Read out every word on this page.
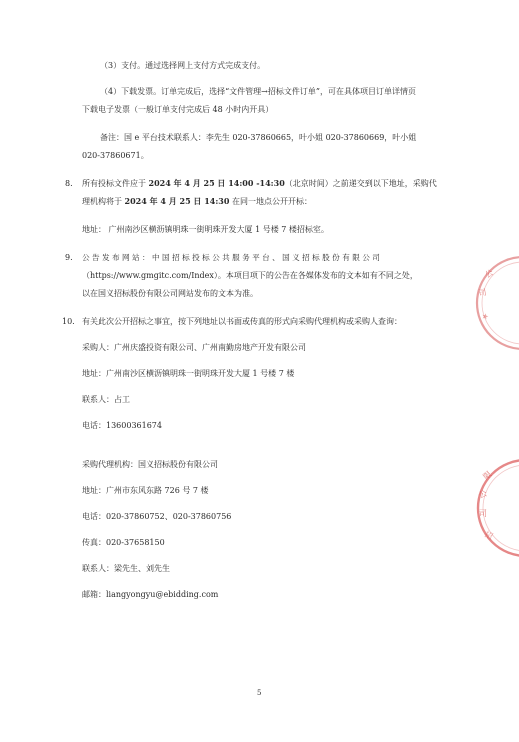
（3）支付。通过选择网上支付方式完成支付。
（4）下载发票。订单完成后，选择“文件管理→招标文件订单”，可在具体项目订单详情页
下载电子发票（一般订单支付完成后 48 小时内开具）
备注：国 e 平台技术联系人：李先生 020-37860665，叶小姐 020-37860669，叶小姐
020-37860671。
8. 所有投标文件应于 2024 年 4 月 25 日 14:00 -14:30（北京时间）之前递交到以下地址，采购代
理机构将于 2024 年 4 月 25 日 14:30 在同一地点公开开标：
地址： 广州南沙区横沥镇明珠一街明珠开发大厦 1 号楼 7 楼招标室。
9. 公 告 发 布 网 站 ： 中 国 招 标 投 标 公 共 服 务 平 台 、 国 义 招 标 股 份 有 限 公 司
（https://www.gmgitc.com/Index）。本项目项下的公告在各媒体发布的文本如有不同之处，
以在国义招标股份有限公司网站发布的文本为准。
10. 有关此次公开招标之事宜，按下列地址以书面或传真的形式向采购代理机构或采购人查询：
采购人：广州庆盛投资有限公司、广州南勤房地产开发有限公司
地址：广州南沙区横沥镇明珠一街明珠开发大厦 1 号楼 7 楼
联系人：占工
电话：13600361674
采购代理机构：国义招标股份有限公司
地址：广州市东风东路 726 号 7 楼
电话：020-37860752、020-37860756
传真：020-37658150
联系人：梁先生、刘先生
邮箱：liangyongyu@ebidding.com
5
公
司
★
限
公
司
招
